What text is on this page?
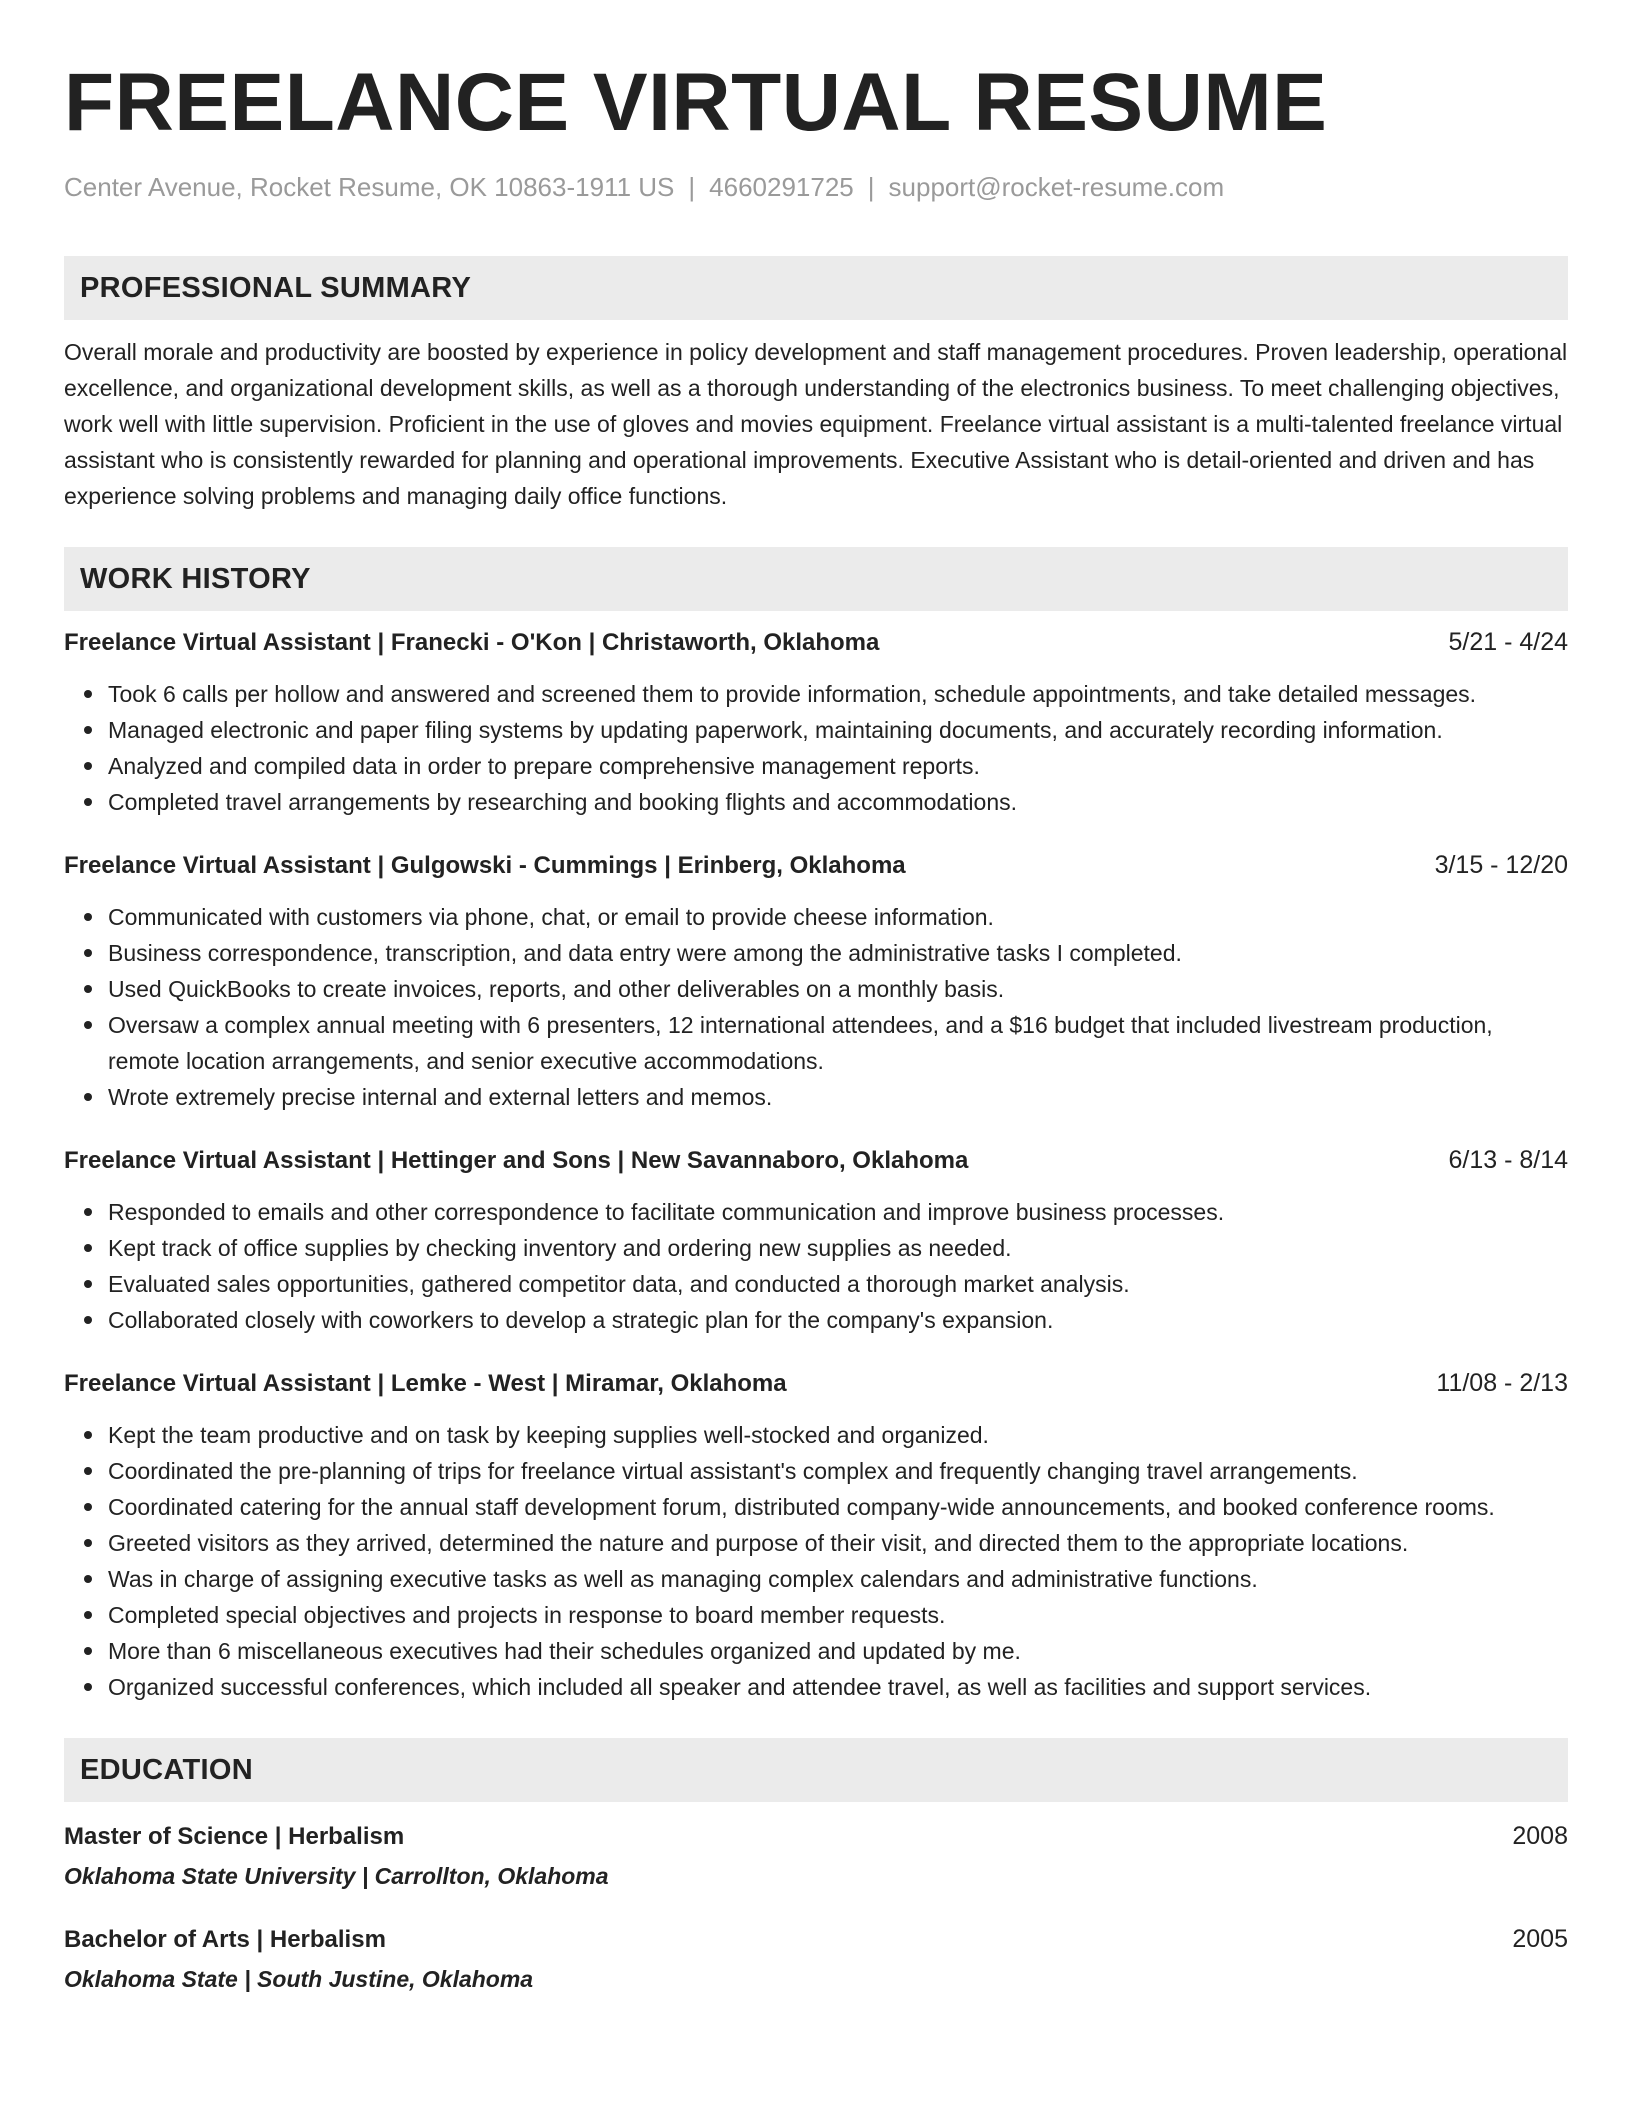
FREELANCE VIRTUAL RESUME
Center Avenue, Rocket Resume, OK 10863-1911 US | 4660291725 | support@rocket-resume.com
PROFESSIONAL SUMMARY
Overall morale and productivity are boosted by experience in policy development and staff management procedures. Proven leadership, operational excellence, and organizational development skills, as well as a thorough understanding of the electronics business. To meet challenging objectives, work well with little supervision. Proficient in the use of gloves and movies equipment. Freelance virtual assistant is a multi-talented freelance virtual assistant who is consistently rewarded for planning and operational improvements. Executive Assistant who is detail-oriented and driven and has experience solving problems and managing daily office functions.
WORK HISTORY
Freelance Virtual Assistant | Franecki - O'Kon | Christaworth, Oklahoma	5/21 - 4/24
Took 6 calls per hollow and answered and screened them to provide information, schedule appointments, and take detailed messages.
Managed electronic and paper filing systems by updating paperwork, maintaining documents, and accurately recording information.
Analyzed and compiled data in order to prepare comprehensive management reports.
Completed travel arrangements by researching and booking flights and accommodations.
Freelance Virtual Assistant | Gulgowski - Cummings | Erinberg, Oklahoma	3/15 - 12/20
Communicated with customers via phone, chat, or email to provide cheese information.
Business correspondence, transcription, and data entry were among the administrative tasks I completed.
Used QuickBooks to create invoices, reports, and other deliverables on a monthly basis.
Oversaw a complex annual meeting with 6 presenters, 12 international attendees, and a $16 budget that included livestream production, remote location arrangements, and senior executive accommodations.
Wrote extremely precise internal and external letters and memos.
Freelance Virtual Assistant | Hettinger and Sons | New Savannaboro, Oklahoma	6/13 - 8/14
Responded to emails and other correspondence to facilitate communication and improve business processes.
Kept track of office supplies by checking inventory and ordering new supplies as needed.
Evaluated sales opportunities, gathered competitor data, and conducted a thorough market analysis.
Collaborated closely with coworkers to develop a strategic plan for the company's expansion.
Freelance Virtual Assistant | Lemke - West | Miramar, Oklahoma	11/08 - 2/13
Kept the team productive and on task by keeping supplies well-stocked and organized.
Coordinated the pre-planning of trips for freelance virtual assistant's complex and frequently changing travel arrangements.
Coordinated catering for the annual staff development forum, distributed company-wide announcements, and booked conference rooms.
Greeted visitors as they arrived, determined the nature and purpose of their visit, and directed them to the appropriate locations.
Was in charge of assigning executive tasks as well as managing complex calendars and administrative functions.
Completed special objectives and projects in response to board member requests.
More than 6 miscellaneous executives had their schedules organized and updated by me.
Organized successful conferences, which included all speaker and attendee travel, as well as facilities and support services.
EDUCATION
Master of Science | Herbalism	2008
Oklahoma State University | Carrollton, Oklahoma
Bachelor of Arts | Herbalism	2005
Oklahoma State | South Justine, Oklahoma
